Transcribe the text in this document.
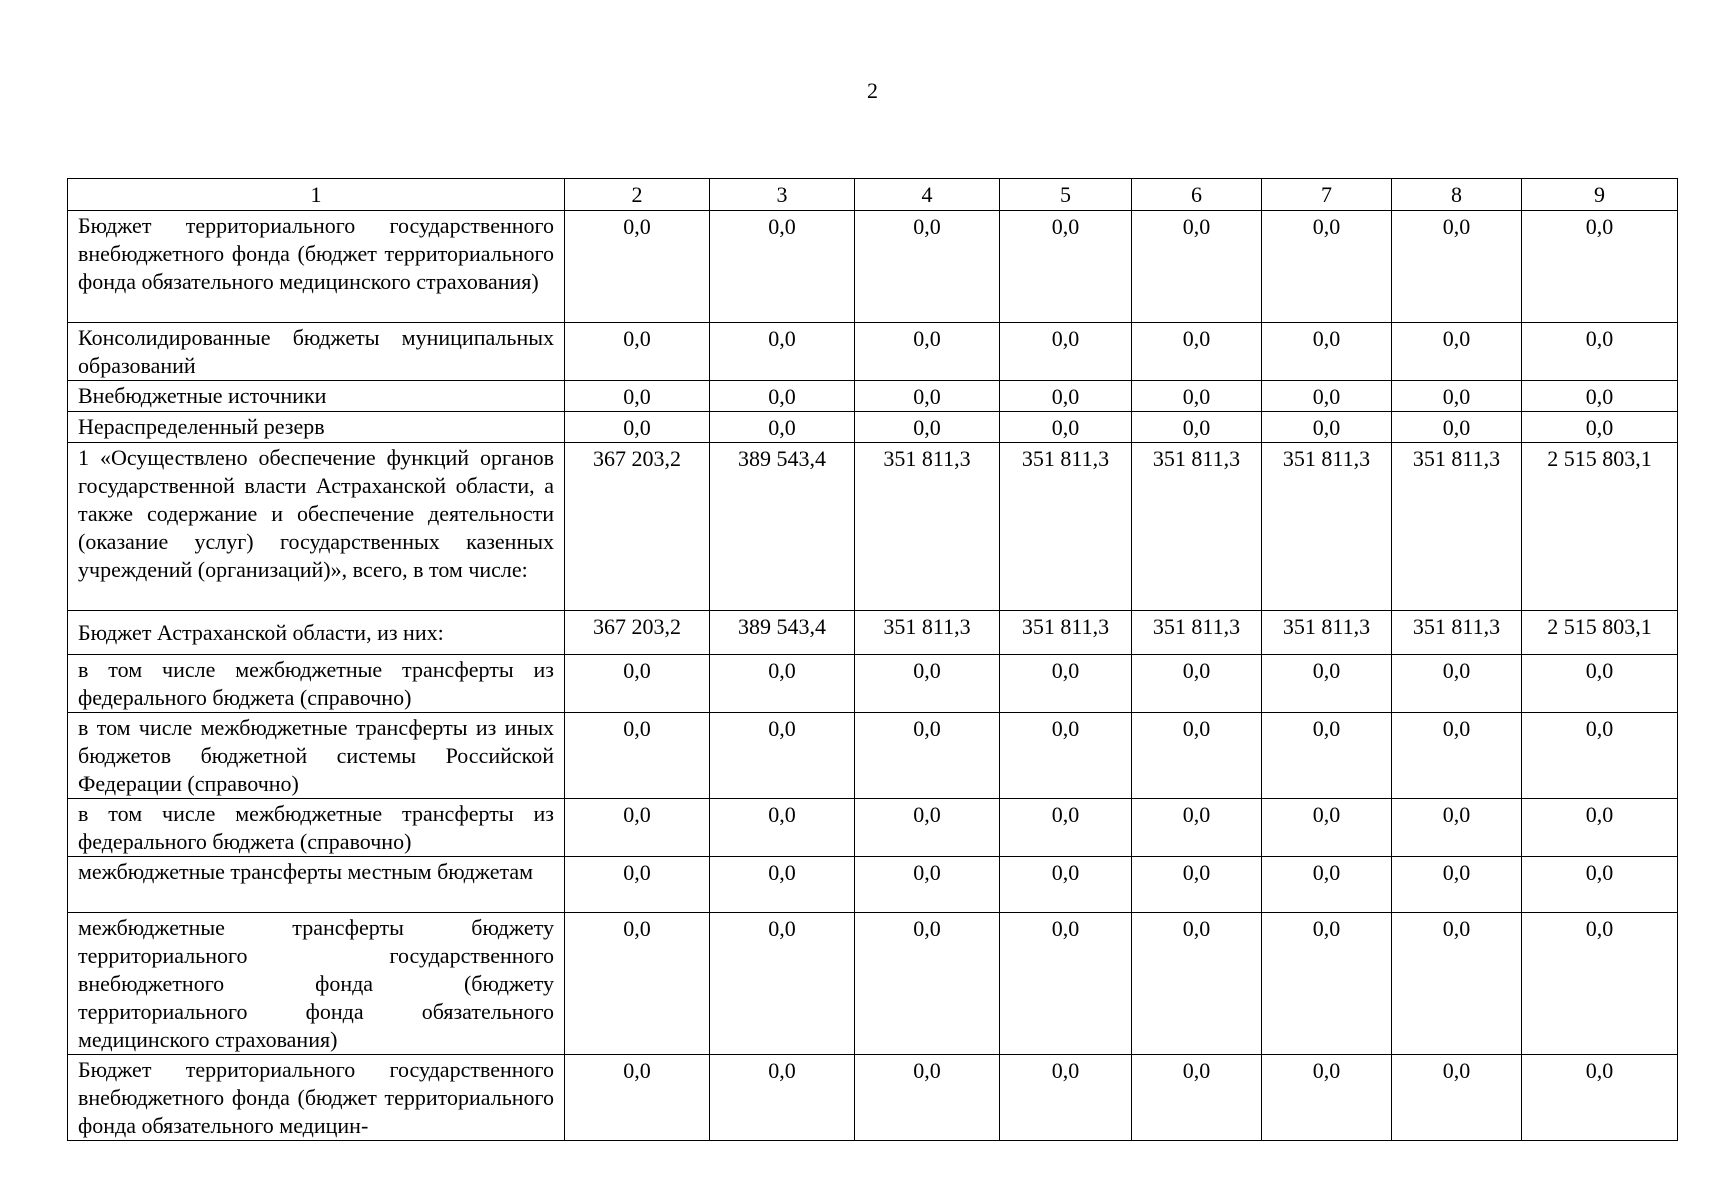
2
1	2	3	4	5	6	7	8	9
Бюджет территориального государственного внебюджетного фонда (бюджет территориального фонда обязательного медицинского страхования)	0,0	0,0	0,0	0,0	0,0	0,0	0,0	0,0
Консолидированные бюджеты муниципальных образований	0,0	0,0	0,0	0,0	0,0	0,0	0,0	0,0
Внебюджетные источники	0,0	0,0	0,0	0,0	0,0	0,0	0,0	0,0
Нераспределенный резерв	0,0	0,0	0,0	0,0	0,0	0,0	0,0	0,0
1 «Осуществлено обеспечение функций органов государственной власти Астраханской области, а также содержание и обеспечение деятельности (оказание услуг) государственных казенных учреждений (организаций)», всего, в том числе:	367 203,2	389 543,4	351 811,3	351 811,3	351 811,3	351 811,3	351 811,3	2 515 803,1
Бюджет Астраханской области, из них:	367 203,2	389 543,4	351 811,3	351 811,3	351 811,3	351 811,3	351 811,3	2 515 803,1
в том числе межбюджетные трансферты из федерального бюджета (справочно)	0,0	0,0	0,0	0,0	0,0	0,0	0,0	0,0
в том числе межбюджетные трансферты из иных бюджетов бюджетной системы Российской Федерации (справочно)	0,0	0,0	0,0	0,0	0,0	0,0	0,0	0,0
в том числе межбюджетные трансферты из федерального бюджета (справочно)	0,0	0,0	0,0	0,0	0,0	0,0	0,0	0,0
межбюджетные трансферты местным бюджетам	0,0	0,0	0,0	0,0	0,0	0,0	0,0	0,0
межбюджетные трансферты бюджету территориального государственного внебюджетного фонда (бюджету территориального фонда обязательного медицинского страхования)	0,0	0,0	0,0	0,0	0,0	0,0	0,0	0,0
Бюджет территориального государственного внебюджетного фонда (бюджет территориального фонда обязательного медицин-	0,0	0,0	0,0	0,0	0,0	0,0	0,0	0,0
